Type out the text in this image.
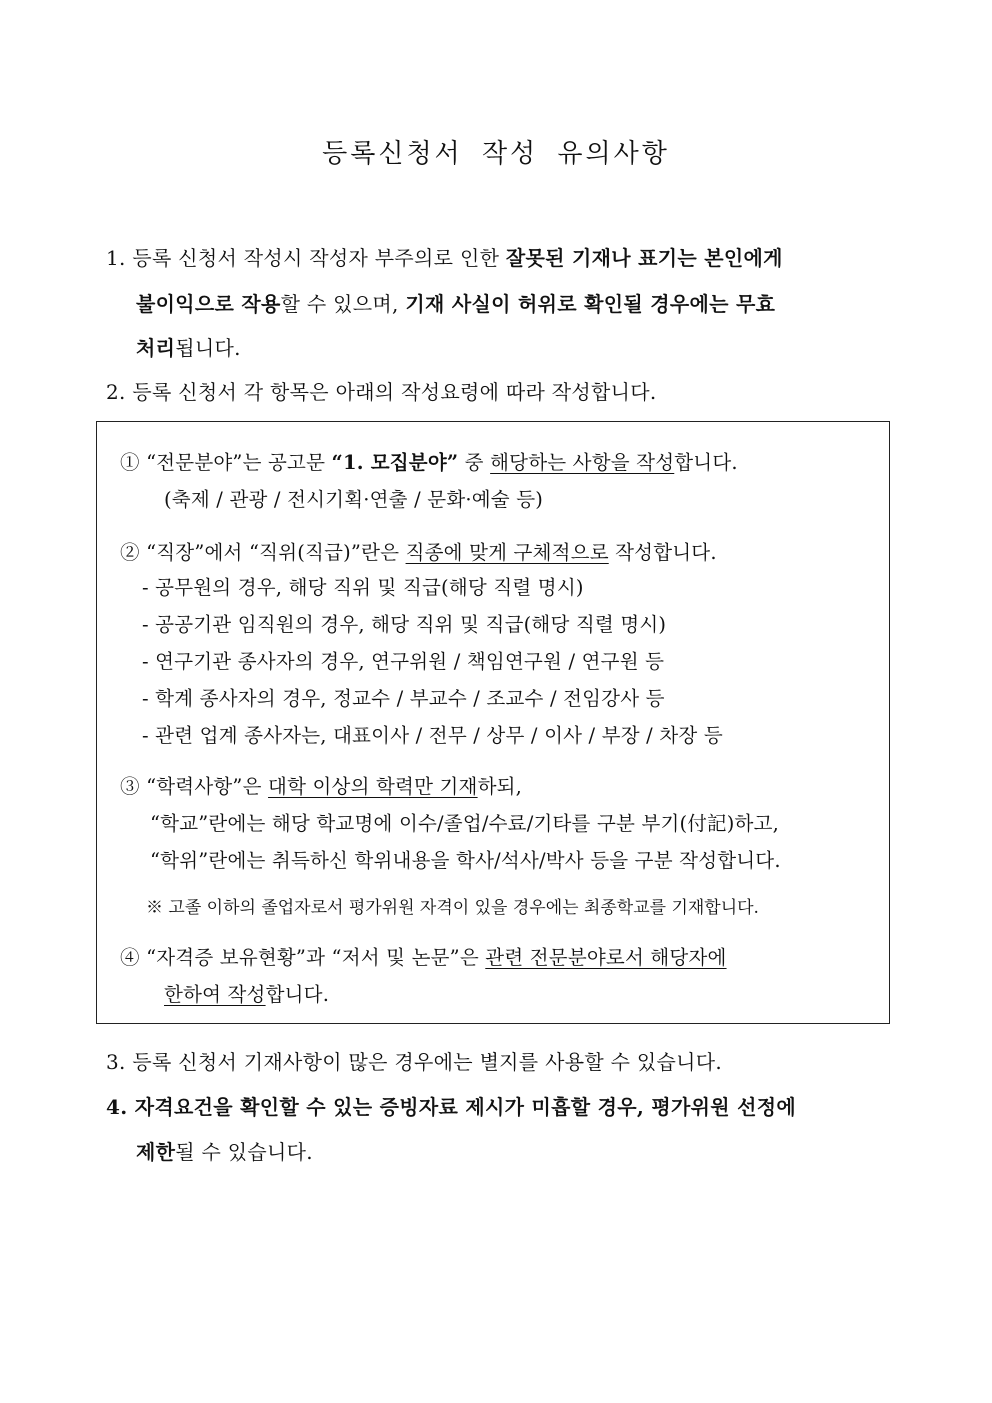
등록신청서 작성 유의사항
1. 등록 신청서 작성시 작성자 부주의로 인한 잘못된 기재나 표기는 본인에게
불이익으로 작용할 수 있으며, 기재 사실이 허위로 확인될 경우에는 무효
처리됩니다.
2. 등록 신청서 각 항목은 아래의 작성요령에 따라 작성합니다.
① “전문분야”는 공고문 “1. 모집분야” 중 해당하는 사항을 작성합니다.
(축제 / 관광 / 전시기획·연출 / 문화·예술 등)
② “직장”에서 “직위(직급)”란은 직종에 맞게 구체적으로 작성합니다.
- 공무원의 경우, 해당 직위 및 직급(해당 직렬 명시)
- 공공기관 임직원의 경우, 해당 직위 및 직급(해당 직렬 명시)
- 연구기관 종사자의 경우, 연구위원 / 책임연구원 / 연구원 등
- 학계 종사자의 경우, 정교수 / 부교수 / 조교수 / 전임강사 등
- 관련 업계 종사자는, 대표이사 / 전무 / 상무 / 이사 / 부장 / 차장 등
③ “학력사항”은 대학 이상의 학력만 기재하되,
“학교”란에는 해당 학교명에 이수/졸업/수료/기타를 구분 부기(付記)하고,
“학위”란에는 취득하신 학위내용을 학사/석사/박사 등을 구분 작성합니다.
※ 고졸 이하의 졸업자로서 평가위원 자격이 있을 경우에는 최종학교를 기재합니다.
④ “자격증 보유현황”과 “저서 및 논문”은 관련 전문분야로서 해당자에
한하여 작성합니다.
3. 등록 신청서 기재사항이 많은 경우에는 별지를 사용할 수 있습니다.
4. 자격요건을 확인할 수 있는 증빙자료 제시가 미흡할 경우, 평가위원 선정에
제한될 수 있습니다.
